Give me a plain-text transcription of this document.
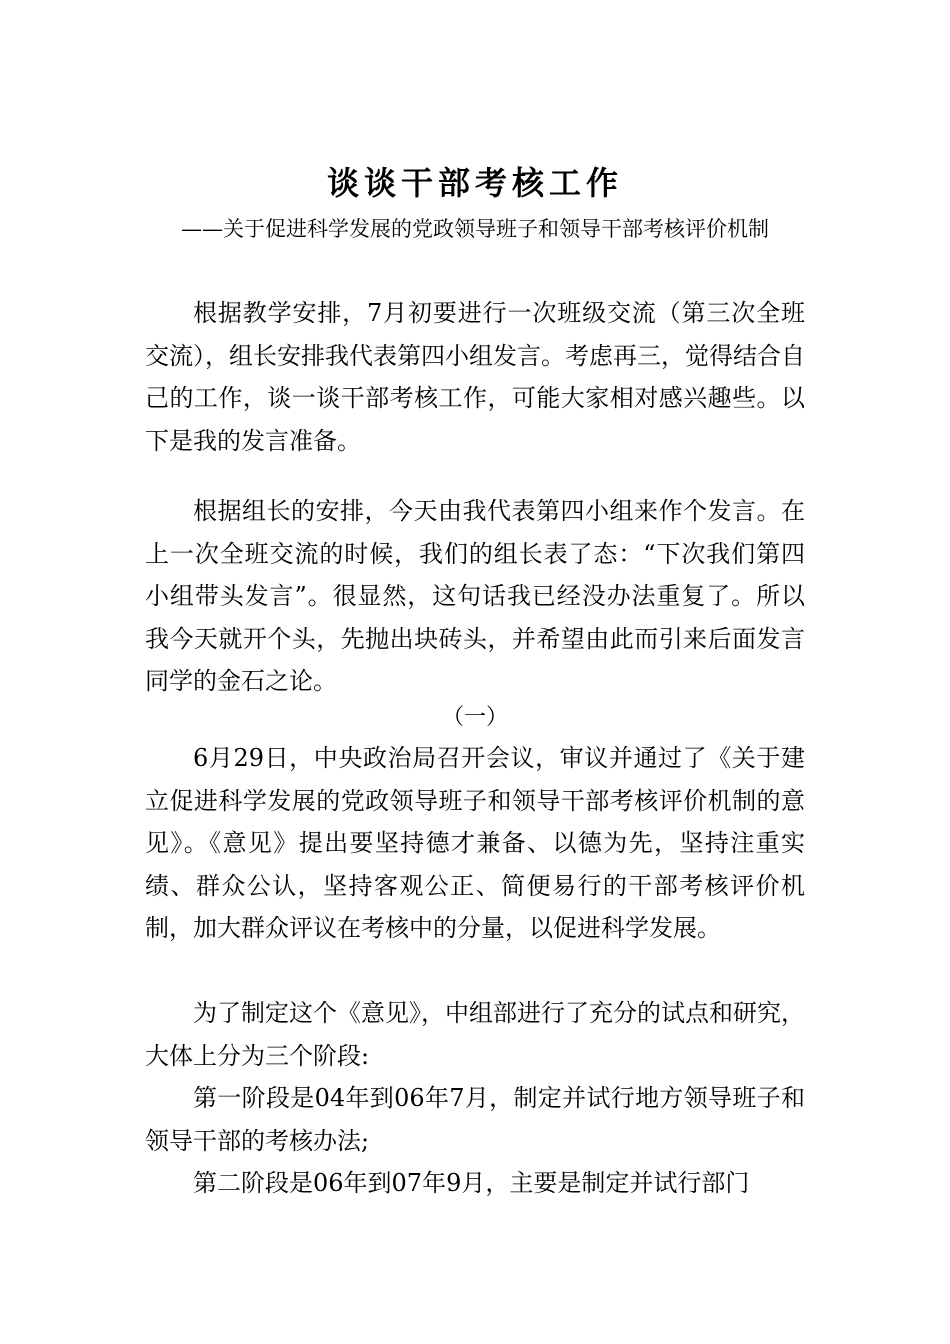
谈谈干部考核工作

——关于促进科学发展的党政领导班子和领导干部考核评价机制

根据教学安排，7月初要进行一次班级交流（第三次全班交流），组长安排我代表第四小组发言。考虑再三，觉得结合自己的工作，谈一谈干部考核工作，可能大家相对感兴趣些。以下是我的发言准备。

根据组长的安排，今天由我代表第四小组来作个发言。在上一次全班交流的时候，我们的组长表了态：“下次我们第四小组带头发言”。很显然，这句话我已经没办法重复了。所以我今天就开个头，先抛出块砖头，并希望由此而引来后面发言同学的金石之论。

（一）

6月29日，中央政治局召开会议，审议并通过了《关于建立促进科学发展的党政领导班子和领导干部考核评价机制的意见》。《意见》提出要坚持德才兼备、以德为先，坚持注重实绩、群众公认，坚持客观公正、简便易行的干部考核评价机制，加大群众评议在考核中的分量，以促进科学发展。

为了制定这个《意见》，中组部进行了充分的试点和研究，大体上分为三个阶段:

第一阶段是04年到06年7月，制定并试行地方领导班子和领导干部的考核办法;

第二阶段是06年到07年9月，主要是制定并试行部门
